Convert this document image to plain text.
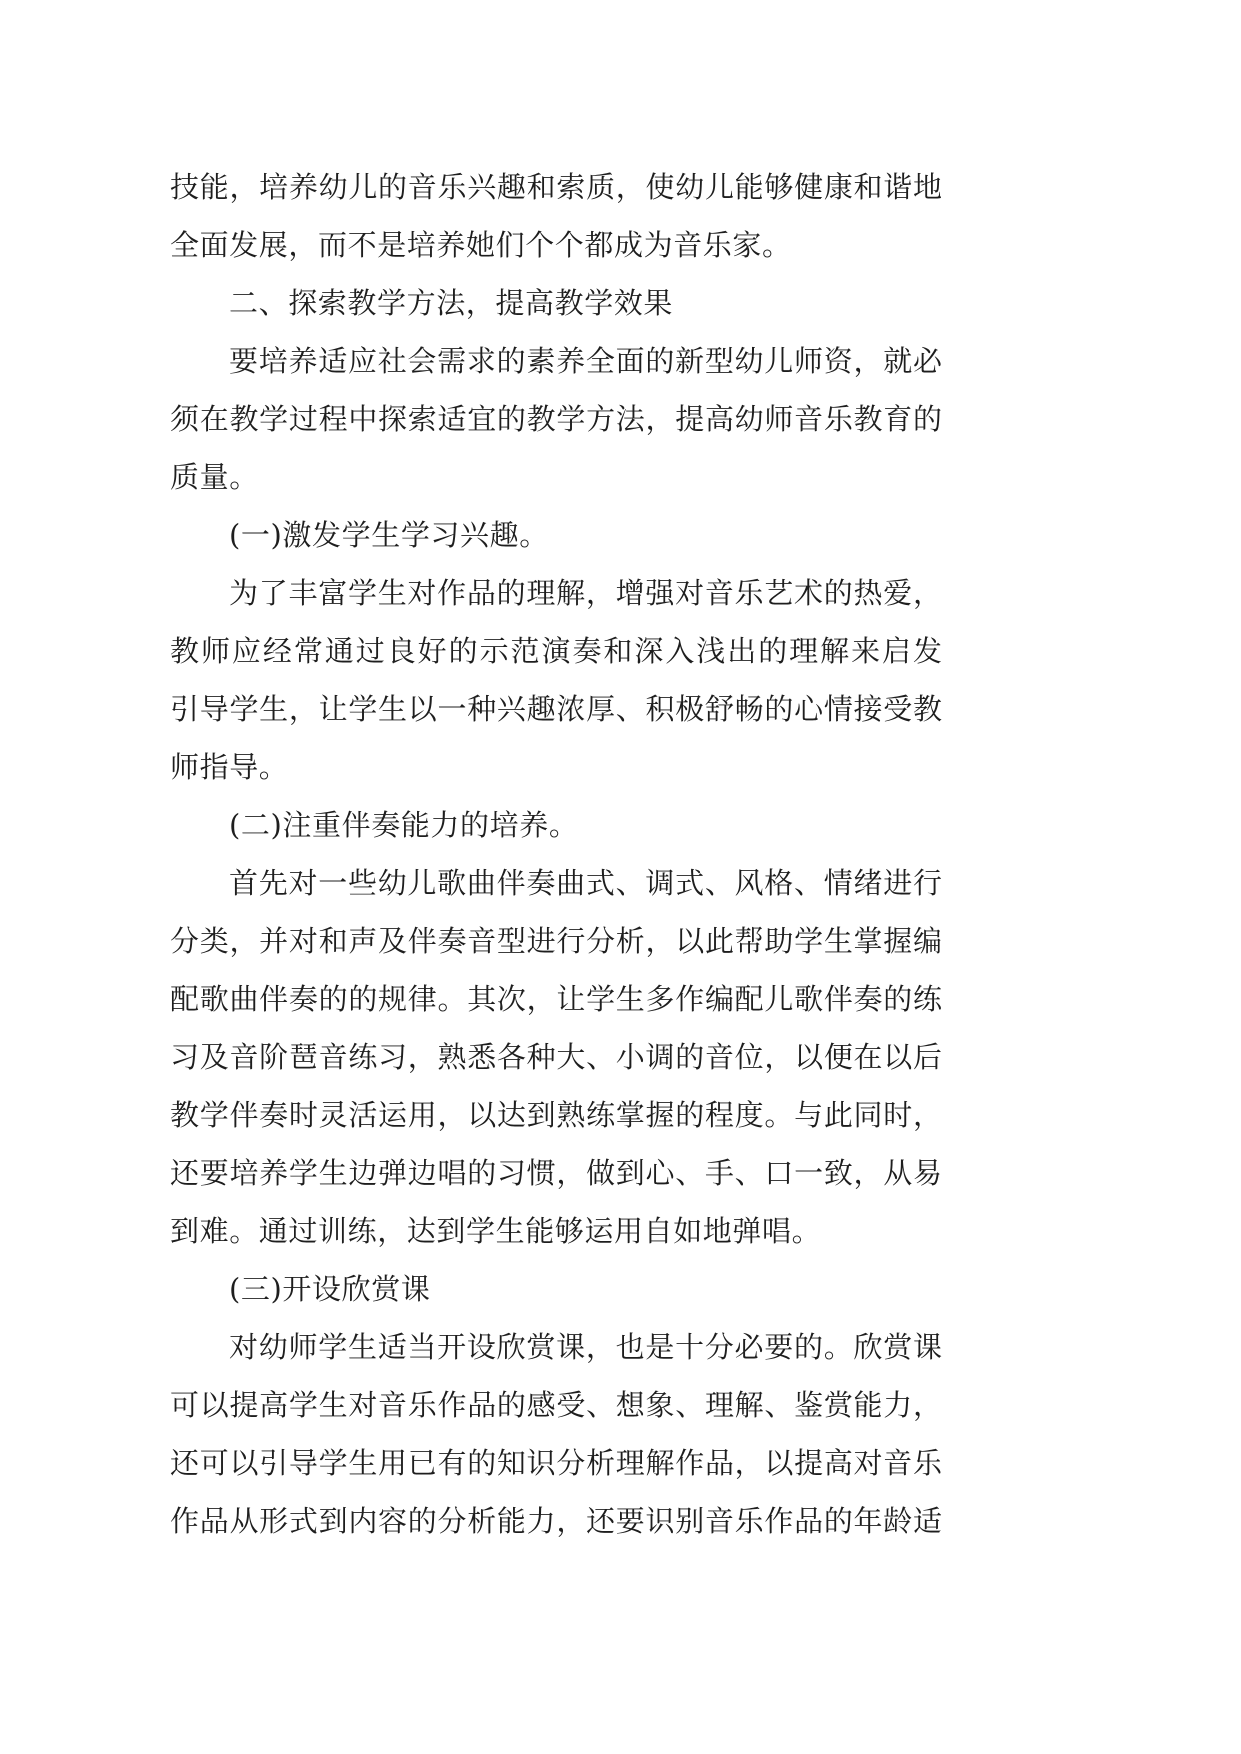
技能，培养幼儿的音乐兴趣和索质，使幼儿能够健康和谐地
全面发展，而不是培养她们个个都成为音乐家。
二、探索教学方法，提高教学效果
要培养适应社会需求的素养全面的新型幼儿师资，就必
须在教学过程中探索适宜的教学方法，提高幼师音乐教育的
质量。
(一)激发学生学习兴趣。
为了丰富学生对作品的理解，增强对音乐艺术的热爱，
教师应经常通过良好的示范演奏和深入浅出的理解来启发
引导学生，让学生以一种兴趣浓厚、积极舒畅的心情接受教
师指导。
(二)注重伴奏能力的培养。
首先对一些幼儿歌曲伴奏曲式、调式、风格、情绪进行
分类，并对和声及伴奏音型进行分析，以此帮助学生掌握编
配歌曲伴奏的的规律。其次，让学生多作编配儿歌伴奏的练
习及音阶琶音练习，熟悉各种大、小调的音位，以便在以后
教学伴奏时灵活运用，以达到熟练掌握的程度。与此同时，
还要培养学生边弹边唱的习惯，做到心、手、口一致，从易
到难。通过训练，达到学生能够运用自如地弹唱。
(三)开设欣赏课
对幼师学生适当开设欣赏课，也是十分必要的。欣赏课
可以提高学生对音乐作品的感受、想象、理解、鉴赏能力，
还可以引导学生用已有的知识分析理解作品，以提高对音乐
作品从形式到内容的分析能力，还要识别音乐作品的年龄适
